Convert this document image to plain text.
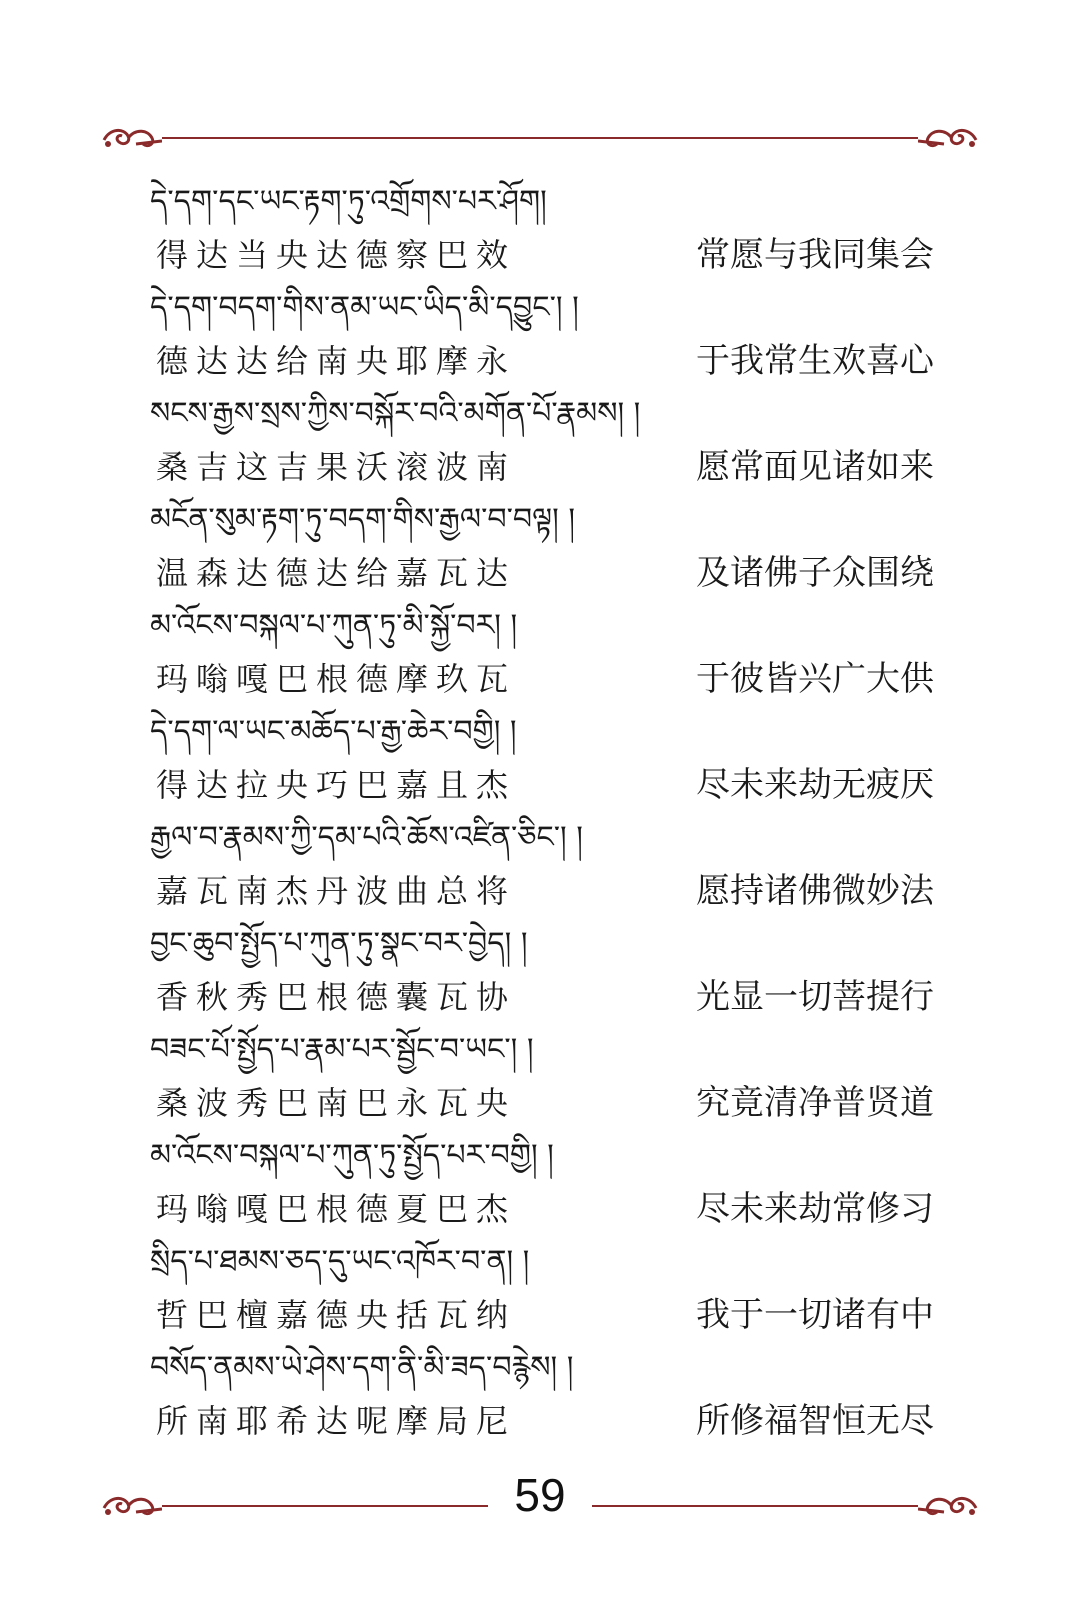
དེ་དག་དང་ཡང་རྟག་ཏུ་འགྲོགས་པར་ཤོག།
得达当央达德察巴效	常愿与我同集会
དེ་དག་བདག་གིས་ནམ་ཡང་ཡིད་མི་དབྱུང་། །
德达达给南央耶摩永	于我常生欢喜心
སངས་རྒྱས་སྲས་ཀྱིས་བསྐོར་བའི་མགོན་པོ་རྣམས། །
桑吉这吉果沃滚波南	愿常面见诸如来
མངོན་སུམ་རྟག་ཏུ་བདག་གིས་རྒྱལ་བ་བལྟ། །
温森达德达给嘉瓦达	及诸佛子众围绕
མ་འོངས་བསྐལ་པ་ཀུན་ཏུ་མི་སྐྱོ་བར། །
玛嗡嘎巴根德摩玖瓦	于彼皆兴广大供
དེ་དག་ལ་ཡང་མཆོད་པ་རྒྱ་ཆེར་བགྱི། །
得达拉央巧巴嘉且杰	尽未来劫无疲厌
རྒྱལ་བ་རྣམས་ཀྱི་དམ་པའི་ཆོས་འཛིན་ཅིང་། །
嘉瓦南杰丹波曲总将	愿持诸佛微妙法
བྱང་ཆུབ་སྤྱོད་པ་ཀུན་ཏུ་སྣང་བར་བྱེད། །
香秋秀巴根德囊瓦协	光显一切菩提行
བཟང་པོ་སྤྱོད་པ་རྣམ་པར་སྦྱོང་བ་ཡང་། །
桑波秀巴南巴永瓦央	究竟清净普贤道
མ་འོངས་བསྐལ་པ་ཀུན་ཏུ་སྤྱོད་པར་བགྱི། །
玛嗡嘎巴根德夏巴杰	尽未来劫常修习
སྲིད་པ་ཐམས་ཅད་དུ་ཡང་འཁོར་བ་ན། །
哲巴檀嘉德央括瓦纳	我于一切诸有中
བསོད་ནམས་ཡེ་ཤེས་དག་ནི་མི་ཟད་བརྙེས། །
所南耶希达呢摩局尼	所修福智恒无尽
59
